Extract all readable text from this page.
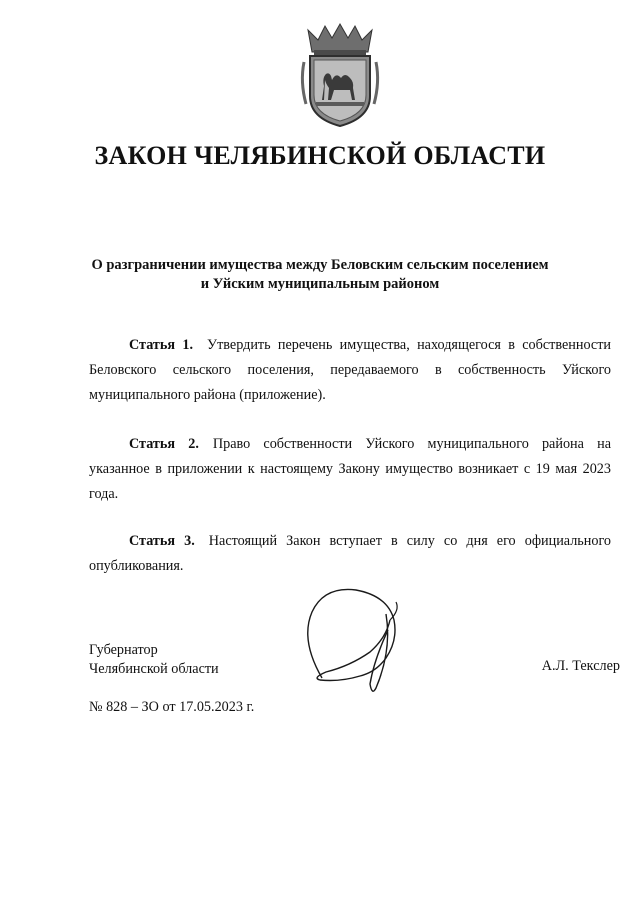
ЗАКОН ЧЕЛЯБИНСКОЙ ОБЛАСТИ
О разграничении имущества между Беловским сельским поселением
и Уйским муниципальным районом
Статья 1. Утвердить перечень имущества, находящегося в собственности Беловского сельского поселения, передаваемого в собственность Уйского муниципального района (приложение).
Статья 2. Право собственности Уйского муниципального района на указанное в приложении к настоящему Закону имущество возникает с 19 мая 2023 года.
Статья 3. Настоящий Закон вступает в силу со дня его официального опубликования.
Губернатор
Челябинской области	А.Л. Текслер
№ 828 – ЗО от 17.05.2023 г.
